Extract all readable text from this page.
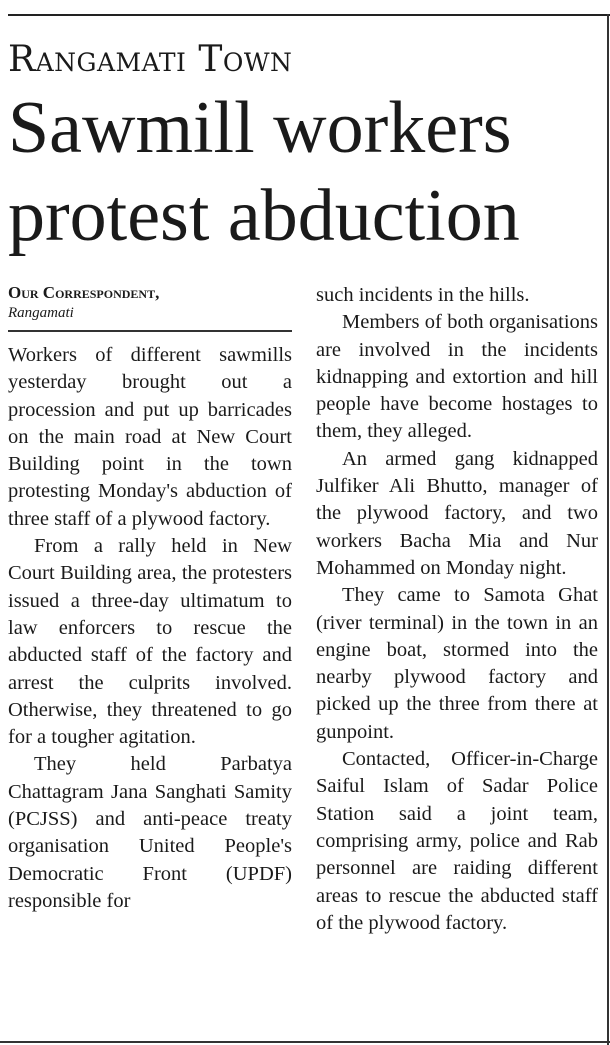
Rangamati Town
Sawmill workers
protest abduction
Our Correspondent,
Rangamati

Workers of different sawmills yesterday brought out a procession and put up barricades on the main road at New Court Building point in the town protesting Monday's abduction of three staff of a plywood factory.

From a rally held in New Court Building area, the protesters issued a three-day ultimatum to law enforcers to rescue the abducted staff of the factory and arrest the culprits involved. Otherwise, they threatened to go for a tougher agitation.

They held Parbatya Chattagram Jana Sanghati Samity (PCJSS) and anti-peace treaty organisation United People's Democratic Front (UPDF) responsible for

such incidents in the hills.

Members of both organisations are involved in the incidents kidnapping and extortion and hill people have become hostages to them, they alleged.

An armed gang kidnapped Julfiker Ali Bhutto, manager of the plywood factory, and two workers Bacha Mia and Nur Mohammed on Monday night.

They came to Samota Ghat (river terminal) in the town in an engine boat, stormed into the nearby plywood factory and picked up the three from there at gunpoint.

Contacted, Officer-in-Charge Saiful Islam of Sadar Police Station said a joint team, comprising army, police and Rab personnel are raiding different areas to rescue the abducted staff of the plywood factory.
